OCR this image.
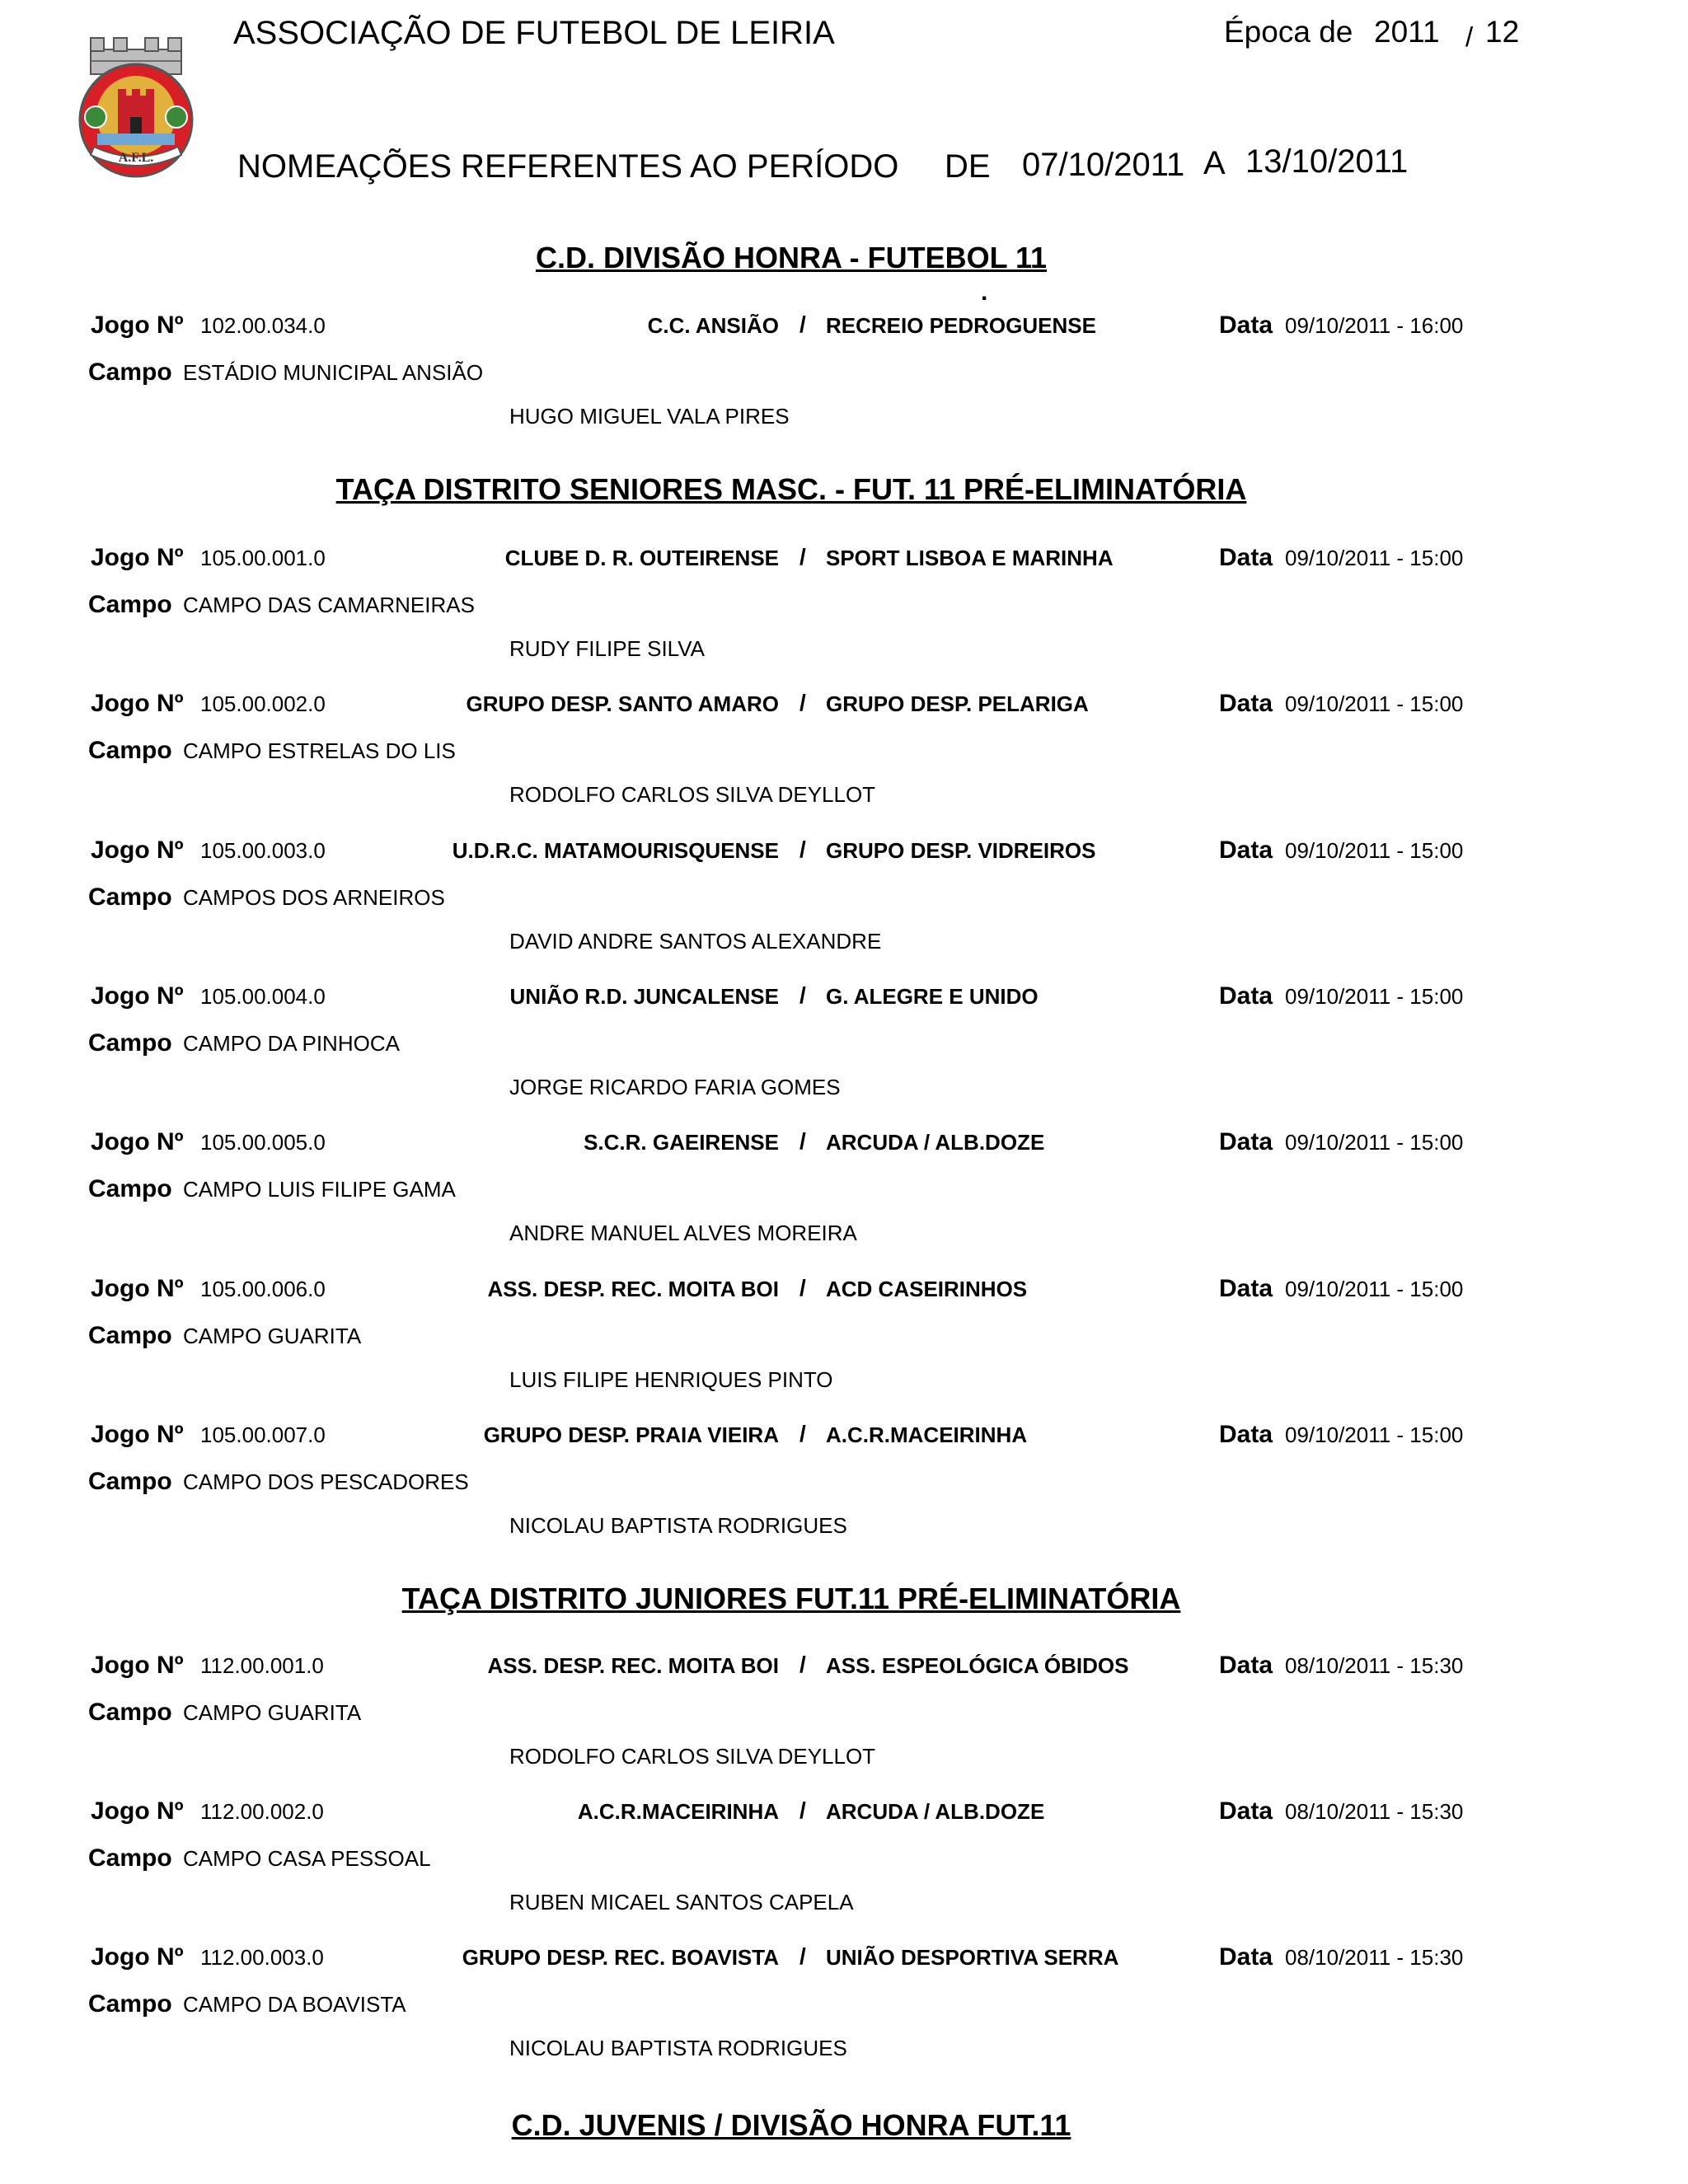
A.F.L.
ASSOCIAÇÃO DE FUTEBOL DE LEIRIA	Época de 2011 / 12
NOMEAÇÕES REFERENTES AO PERÍODO DE 07/10/2011 A 13/10/2011
C.D. DIVISÃO HONRA - FUTEBOL 11
.
Jogo Nº 102.00.034.0	C.C. ANSIÃO / RECREIO PEDROGUENSE	Data 09/10/2011 - 16:00
Campo ESTÁDIO MUNICIPAL ANSIÃO
HUGO MIGUEL VALA PIRES
Jogo Nº 105.00.001.0	CLUBE D. R. OUTEIRENSE / SPORT LISBOA E MARINHA	Data 09/10/2011 - 15:00
Campo CAMPO DAS CAMARNEIRAS
RUDY FILIPE SILVA
Jogo Nº 105.00.002.0	GRUPO DESP. SANTO AMARO / GRUPO DESP. PELARIGA	Data 09/10/2011 - 15:00
Campo CAMPO ESTRELAS DO LIS
RODOLFO CARLOS SILVA DEYLLOT
Jogo Nº 105.00.003.0	U.D.R.C. MATAMOURISQUENSE / GRUPO DESP. VIDREIROS	Data 09/10/2011 - 15:00
Campo CAMPOS DOS ARNEIROS
DAVID ANDRE SANTOS ALEXANDRE
Jogo Nº 105.00.004.0	UNIÃO R.D. JUNCALENSE / G. ALEGRE E UNIDO	Data 09/10/2011 - 15:00
Campo CAMPO DA PINHOCA
JORGE RICARDO FARIA GOMES
Jogo Nº 105.00.005.0	S.C.R. GAEIRENSE / ARCUDA / ALB.DOZE	Data 09/10/2011 - 15:00
Campo CAMPO LUIS FILIPE GAMA
ANDRE MANUEL ALVES MOREIRA
Jogo Nº 105.00.006.0	ASS. DESP. REC. MOITA BOI / ACD CASEIRINHOS	Data 09/10/2011 - 15:00
Campo CAMPO GUARITA
LUIS FILIPE HENRIQUES PINTO
Jogo Nº 105.00.007.0	GRUPO DESP. PRAIA VIEIRA / A.C.R.MACEIRINHA	Data 09/10/2011 - 15:00
Campo CAMPO DOS PESCADORES
NICOLAU BAPTISTA RODRIGUES
Jogo Nº 112.00.001.0	ASS. DESP. REC. MOITA BOI / ASS. ESPEOLÓGICA ÓBIDOS	Data 08/10/2011 - 15:30
Campo CAMPO GUARITA
RODOLFO CARLOS SILVA DEYLLOT
Jogo Nº 112.00.002.0	A.C.R.MACEIRINHA / ARCUDA / ALB.DOZE	Data 08/10/2011 - 15:30
Campo CAMPO CASA PESSOAL
RUBEN MICAEL SANTOS CAPELA
Jogo Nº 112.00.003.0	GRUPO DESP. REC. BOAVISTA / UNIÃO DESPORTIVA SERRA	Data 08/10/2011 - 15:30
Campo CAMPO DA BOAVISTA
NICOLAU BAPTISTA RODRIGUES
TAÇA DISTRITO SENIORES MASC. - FUT. 11 PRÉ-ELIMINATÓRIA
TAÇA DISTRITO JUNIORES FUT.11 PRÉ-ELIMINATÓRIA
C.D. JUVENIS / DIVISÃO HONRA FUT.11
